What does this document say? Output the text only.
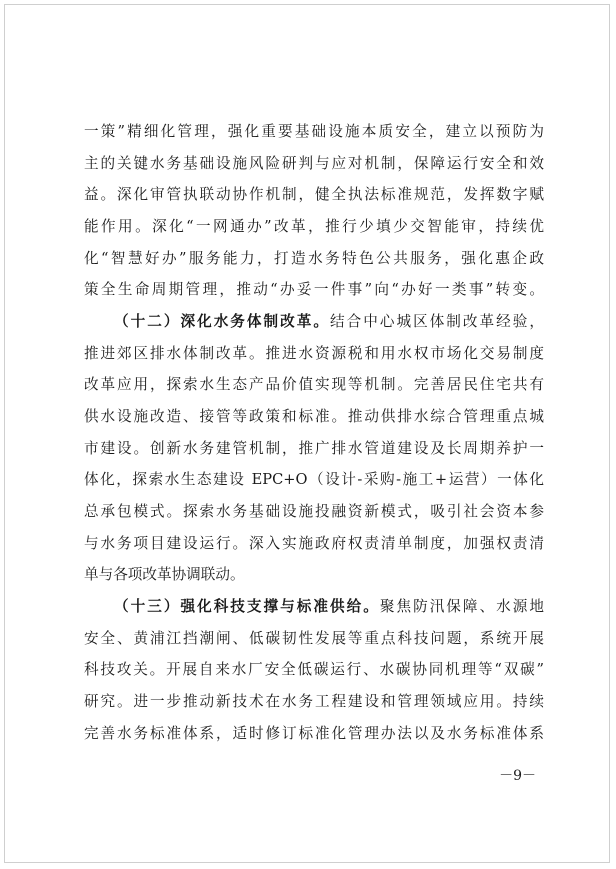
一策”精细化管理，强化重要基础设施本质安全，建立以预防为
主的关键水务基础设施风险研判与应对机制，保障运行安全和效
益。深化审管执联动协作机制，健全执法标准规范，发挥数字赋
能作用。深化“一网通办”改革，推行少填少交智能审，持续优
化“智慧好办”服务能力，打造水务特色公共服务，强化惠企政
策全生命周期管理，推动“办妥一件事”向“办好一类事”转变。
（十二）深化水务体制改革。结合中心城区体制改革经验，
推进郊区排水体制改革。推进水资源税和用水权市场化交易制度
改革应用，探索水生态产品价值实现等机制。完善居民住宅共有
供水设施改造、接管等政策和标准。推动供排水综合管理重点城
市建设。创新水务建管机制，推广排水管道建设及长周期养护一
体化，探索水生态建设 EPC+O（设计-采购-施工+运营）一体化
总承包模式。探索水务基础设施投融资新模式，吸引社会资本参
与水务项目建设运行。深入实施政府权责清单制度，加强权责清
单与各项改革协调联动。
（十三）强化科技支撑与标准供给。聚焦防汛保障、水源地
安全、黄浦江挡潮闸、低碳韧性发展等重点科技问题，系统开展
科技攻关。开展自来水厂安全低碳运行、水碳协同机理等“双碳”
研究。进一步推动新技术在水务工程建设和管理领域应用。持续
完善水务标准体系，适时修订标准化管理办法以及水务标准体系
－9－
